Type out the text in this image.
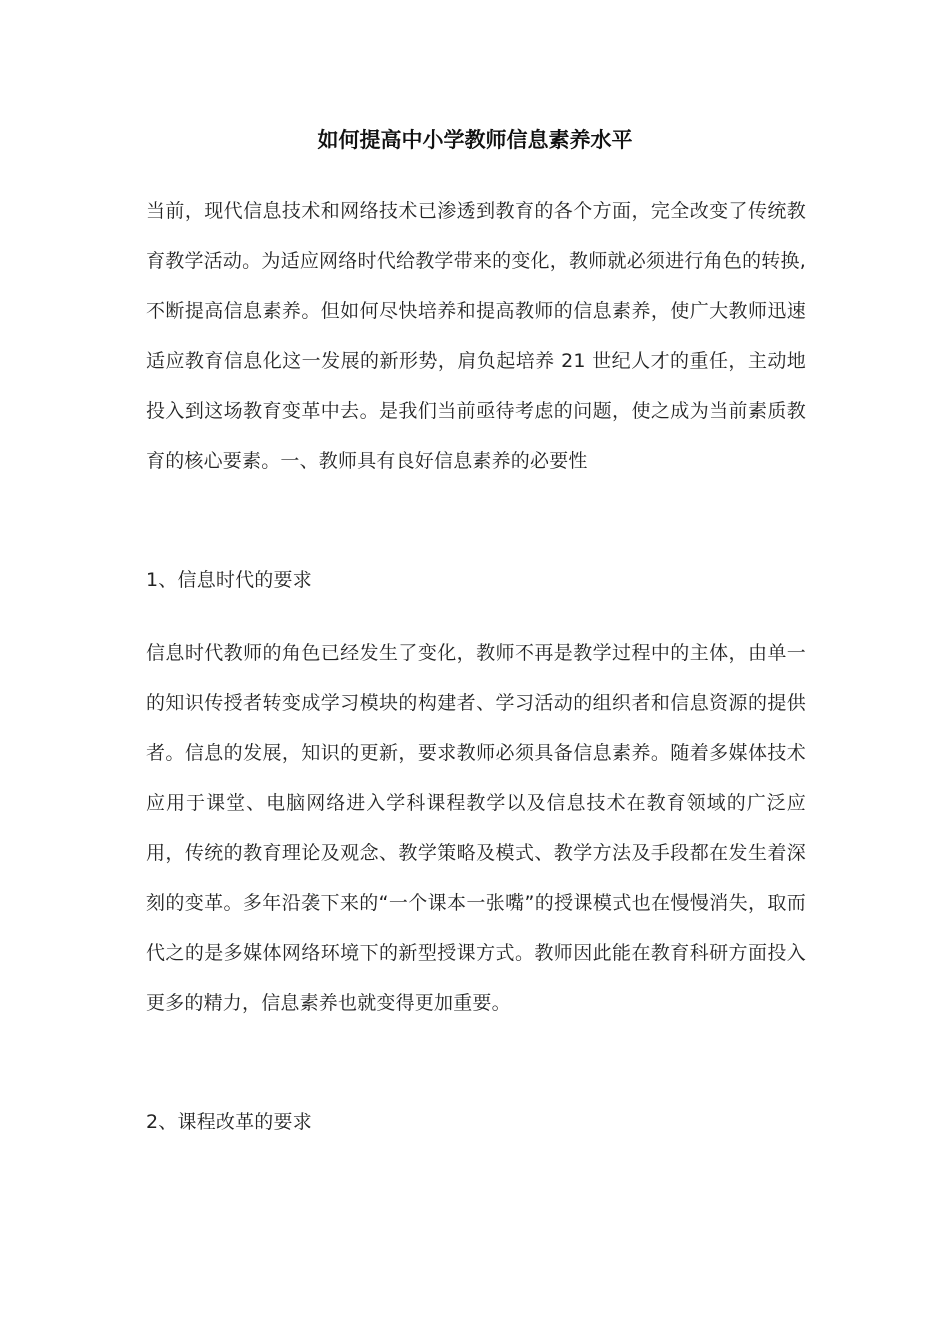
如何提高中小学教师信息素养水平

当前，现代信息技术和网络技术已渗透到教育的各个方面，完全改变了传统教育教学活动。为适应网络时代给教学带来的变化，教师就必须进行角色的转换,不断提高信息素养。但如何尽快培养和提高教师的信息素养，使广大教师迅速适应教育信息化这一发展的新形势，肩负起培养 21 世纪人才的重任，主动地投入到这场教育变革中去。是我们当前亟待考虑的问题，使之成为当前素质教育的核心要素。一、教师具有良好信息素养的必要性

1、信息时代的要求

信息时代教师的角色已经发生了变化，教师不再是教学过程中的主体，由单一的知识传授者转变成学习模块的构建者、学习活动的组织者和信息资源的提供者。信息的发展，知识的更新，要求教师必须具备信息素养。随着多媒体技术应用于课堂、电脑网络进入学科课程教学以及信息技术在教育领域的广泛应用，传统的教育理论及观念、教学策略及模式、教学方法及手段都在发生着深刻的变革。多年沿袭下来的“一个课本一张嘴”的授课模式也在慢慢消失，取而代之的是多媒体网络环境下的新型授课方式。教师因此能在教育科研方面投入更多的精力，信息素养也就变得更加重要。

2、课程改革的要求
